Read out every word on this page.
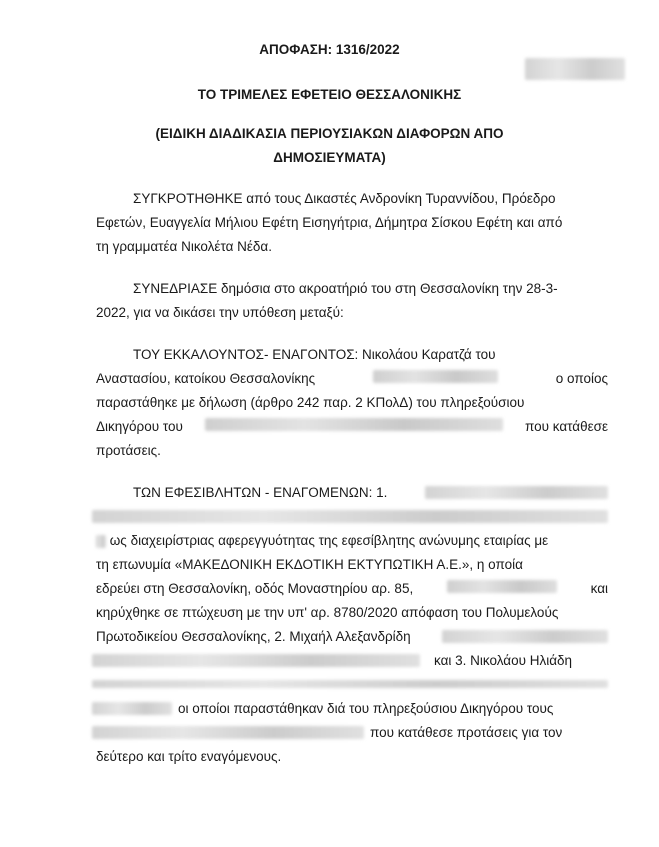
ΑΠΟΦΑΣΗ: 1316/2022
ΤΟ ΤΡΙΜΕΛΕΣ ΕΦΕΤΕΙΟ ΘΕΣΣΑΛΟΝΙΚΗΣ
(ΕΙΔΙΚΗ ΔΙΑΔΙΚΑΣΙΑ ΠΕΡΙΟΥΣΙΑΚΩΝ ΔΙΑΦΟΡΩΝ ΑΠΟ
ΔΗΜΟΣΙΕΥΜΑΤΑ)
ΣΥΓΚΡΟΤΗΘΗΚΕ από τους Δικαστές Ανδρονίκη Τυραννίδου, Πρόεδρο
Εφετών, Ευαγγελία Μήλιου Εφέτη Εισηγήτρια, Δήμητρα Σίσκου Εφέτη και από
τη γραμματέα Νικολέτα Νέδα.
ΣΥΝΕΔΡΙΑΣΕ δημόσια στο ακροατήριό του στη Θεσσαλονίκη την 28-3-
2022, για να δικάσει την υπόθεση μεταξύ:
ΤΟΥ ΕΚΚΑΛΟΥΝΤΟΣ- ΕΝΑΓΟΝΤΟΣ: Νικολάου Καρατζά του
Αναστασίου, κατοίκου Θεσσαλονίκης	ο οποίος
παραστάθηκε με δήλωση (άρθρο 242 παρ. 2 ΚΠολΔ) του πληρεξούσιου
Δικηγόρου του	που κατάθεσε
προτάσεις.
ΤΩΝ ΕΦΕΣΙΒΛΗΤΩΝ - ΕΝΑΓΟΜΕΝΩΝ: 1.
ως διαχειρίστριας αφερεγγυότητας της εφεσίβλητης ανώνυμης εταιρίας με
τη επωνυμία «ΜΑΚΕΔΟΝΙΚΗ ΕΚΔΟΤΙΚΗ ΕΚΤΥΠΩΤΙΚΗ Α.Ε.», η οποία
εδρεύει στη Θεσσαλονίκη, οδός Μοναστηρίου αρ. 85,	και
κηρύχθηκε σε πτώχευση με την υπ' αρ. 8780/2020 απόφαση του Πολυμελούς
Πρωτοδικείου Θεσσαλονίκης, 2. Μιχαήλ Αλεξανδρίδη
και 3. Νικολάου Ηλιάδη
οι οποίοι παραστάθηκαν διά του πληρεξούσιου Δικηγόρου τους
που κατάθεσε προτάσεις για τον
δεύτερο και τρίτο εναγόμενους.
